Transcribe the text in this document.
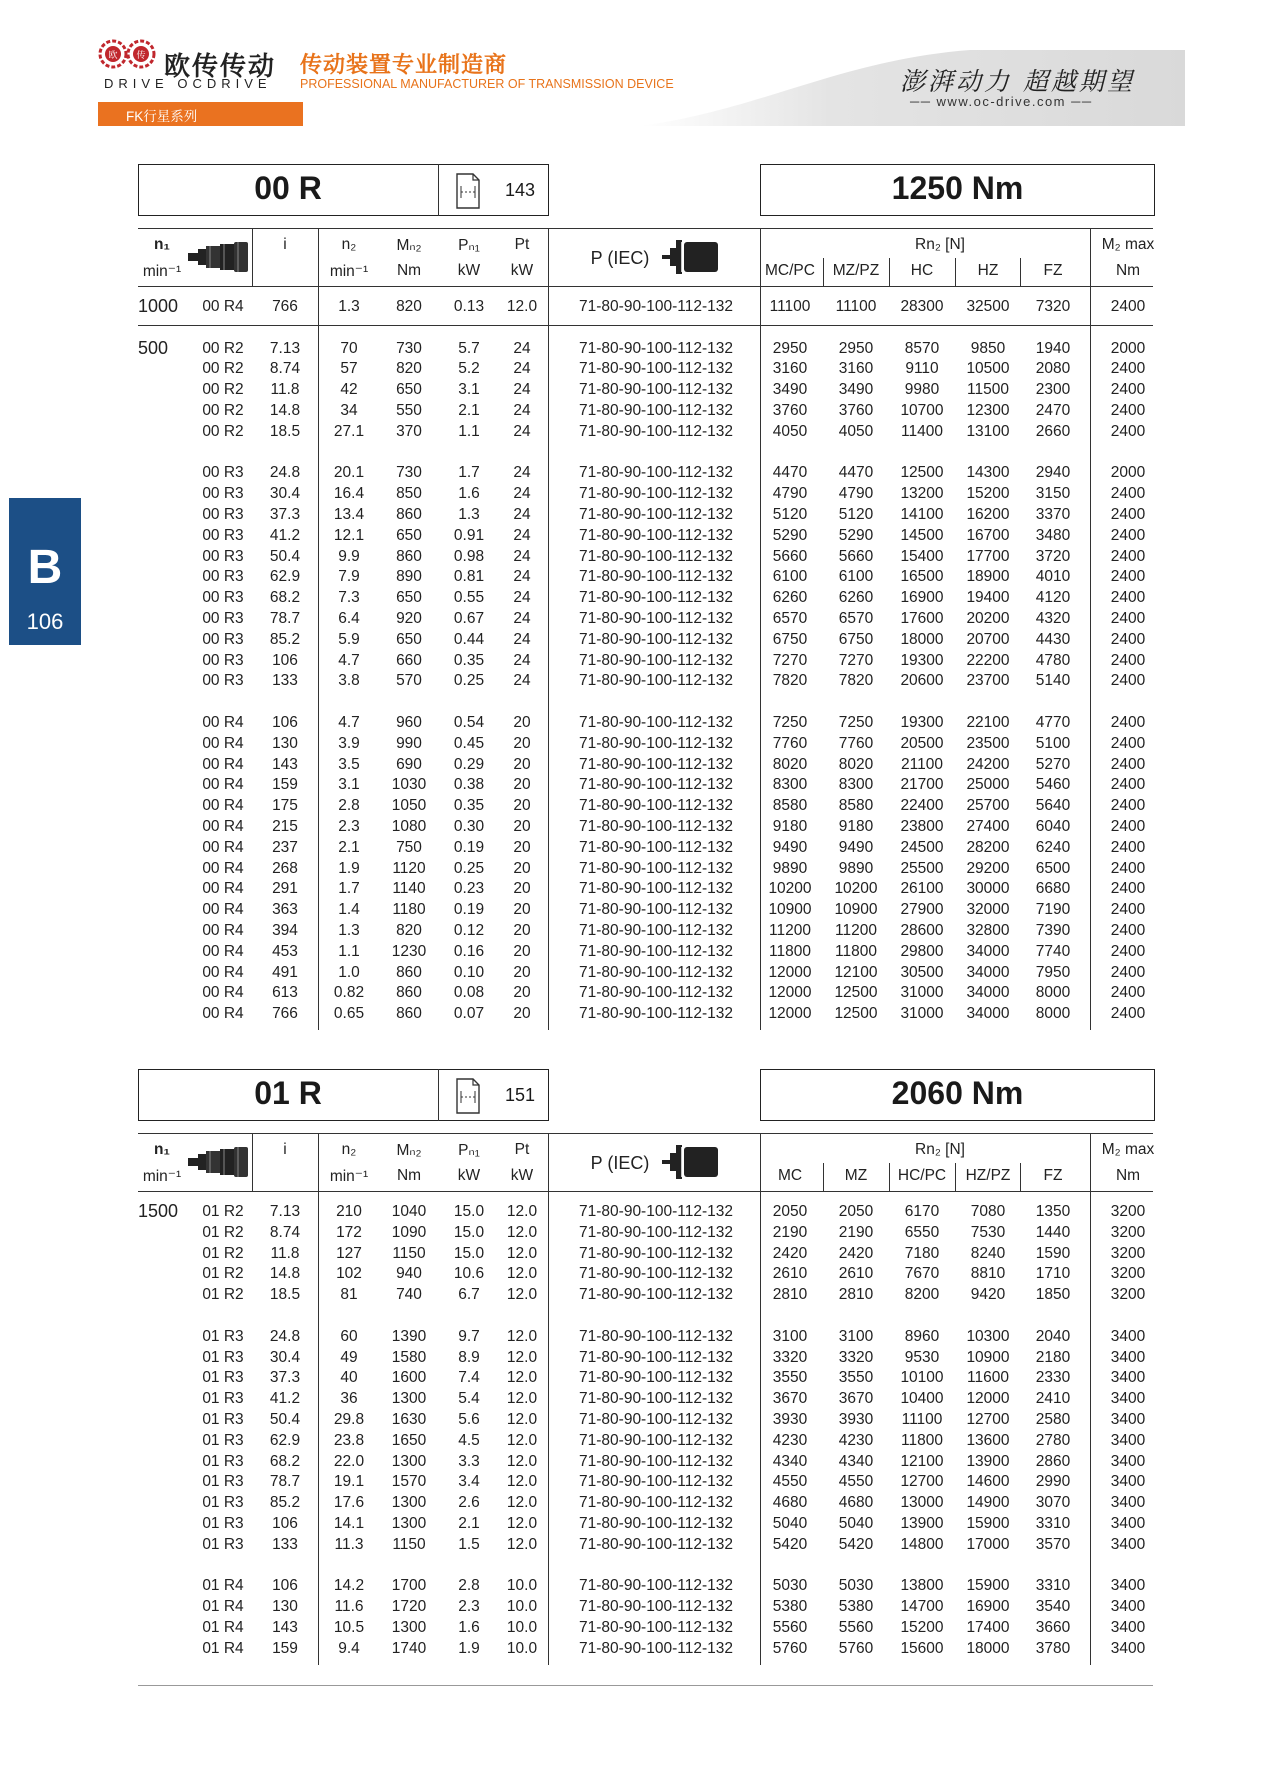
欧 传 欧传传动
DRIVE OCDRIVE
传动装置专业制造商
PROFESSIONAL MANUFACTURER OF TRANSMISSION DEVICE	澎湃动力 超越期望
── www.oc-drive.com ──
FK行星系列
B
106
00 R	143	1250 Nm
n₁
min⁻¹
i	n₂
min⁻¹
Mₙ₂
Nm
Pₙ₁
kW
Pt
kW
P (IEC)
Rn₂ [N]
MC/PC	MZ/PZ	HC	HZ	FZ
M₂ max
Nm
1000	00 R4	766	1.3	820	0.13	12.0	71-80-90-100-112-132	11100	11100	28300	32500	7320	2400
500	00 R2	7.13	70	730	5.7	24	71-80-90-100-112-132	2950	2950	8570	9850	1940	2000
00 R2	8.74	57	820	5.2	24	71-80-90-100-112-132	3160	3160	9110	10500	2080	2400
00 R2	11.8	42	650	3.1	24	71-80-90-100-112-132	3490	3490	9980	11500	2300	2400
00 R2	14.8	34	550	2.1	24	71-80-90-100-112-132	3760	3760	10700	12300	2470	2400
00 R2	18.5	27.1	370	1.1	24	71-80-90-100-112-132	4050	4050	11400	13100	2660	2400
00 R3	24.8	20.1	730	1.7	24	71-80-90-100-112-132	4470	4470	12500	14300	2940	2000
00 R3	30.4	16.4	850	1.6	24	71-80-90-100-112-132	4790	4790	13200	15200	3150	2400
00 R3	37.3	13.4	860	1.3	24	71-80-90-100-112-132	5120	5120	14100	16200	3370	2400
00 R3	41.2	12.1	650	0.91	24	71-80-90-100-112-132	5290	5290	14500	16700	3480	2400
00 R3	50.4	9.9	860	0.98	24	71-80-90-100-112-132	5660	5660	15400	17700	3720	2400
00 R3	62.9	7.9	890	0.81	24	71-80-90-100-112-132	6100	6100	16500	18900	4010	2400
00 R3	68.2	7.3	650	0.55	24	71-80-90-100-112-132	6260	6260	16900	19400	4120	2400
00 R3	78.7	6.4	920	0.67	24	71-80-90-100-112-132	6570	6570	17600	20200	4320	2400
00 R3	85.2	5.9	650	0.44	24	71-80-90-100-112-132	6750	6750	18000	20700	4430	2400
00 R3	106	4.7	660	0.35	24	71-80-90-100-112-132	7270	7270	19300	22200	4780	2400
00 R3	133	3.8	570	0.25	24	71-80-90-100-112-132	7820	7820	20600	23700	5140	2400
00 R4	106	4.7	960	0.54	20	71-80-90-100-112-132	7250	7250	19300	22100	4770	2400
00 R4	130	3.9	990	0.45	20	71-80-90-100-112-132	7760	7760	20500	23500	5100	2400
00 R4	143	3.5	690	0.29	20	71-80-90-100-112-132	8020	8020	21100	24200	5270	2400
00 R4	159	3.1	1030	0.38	20	71-80-90-100-112-132	8300	8300	21700	25000	5460	2400
00 R4	175	2.8	1050	0.35	20	71-80-90-100-112-132	8580	8580	22400	25700	5640	2400
00 R4	215	2.3	1080	0.30	20	71-80-90-100-112-132	9180	9180	23800	27400	6040	2400
00 R4	237	2.1	750	0.19	20	71-80-90-100-112-132	9490	9490	24500	28200	6240	2400
00 R4	268	1.9	1120	0.25	20	71-80-90-100-112-132	9890	9890	25500	29200	6500	2400
00 R4	291	1.7	1140	0.23	20	71-80-90-100-112-132	10200	10200	26100	30000	6680	2400
00 R4	363	1.4	1180	0.19	20	71-80-90-100-112-132	10900	10900	27900	32000	7190	2400
00 R4	394	1.3	820	0.12	20	71-80-90-100-112-132	11200	11200	28600	32800	7390	2400
00 R4	453	1.1	1230	0.16	20	71-80-90-100-112-132	11800	11800	29800	34000	7740	2400
00 R4	491	1.0	860	0.10	20	71-80-90-100-112-132	12000	12100	30500	34000	7950	2400
00 R4	613	0.82	860	0.08	20	71-80-90-100-112-132	12000	12500	31000	34000	8000	2400
00 R4	766	0.65	860	0.07	20	71-80-90-100-112-132	12000	12500	31000	34000	8000	2400
01 R	151	2060 Nm
n₁
min⁻¹
i	n₂
min⁻¹
Mₙ₂
Nm
Pₙ₁
kW
Pt
kW
P (IEC)
Rn₂ [N]
MC	MZ	HC/PC	HZ/PZ	FZ
M₂ max
Nm
1500	01 R2	7.13	210	1040	15.0	12.0	71-80-90-100-112-132	2050	2050	6170	7080	1350	3200
01 R2	8.74	172	1090	15.0	12.0	71-80-90-100-112-132	2190	2190	6550	7530	1440	3200
01 R2	11.8	127	1150	15.0	12.0	71-80-90-100-112-132	2420	2420	7180	8240	1590	3200
01 R2	14.8	102	940	10.6	12.0	71-80-90-100-112-132	2610	2610	7670	8810	1710	3200
01 R2	18.5	81	740	6.7	12.0	71-80-90-100-112-132	2810	2810	8200	9420	1850	3200
01 R3	24.8	60	1390	9.7	12.0	71-80-90-100-112-132	3100	3100	8960	10300	2040	3400
01 R3	30.4	49	1580	8.9	12.0	71-80-90-100-112-132	3320	3320	9530	10900	2180	3400
01 R3	37.3	40	1600	7.4	12.0	71-80-90-100-112-132	3550	3550	10100	11600	2330	3400
01 R3	41.2	36	1300	5.4	12.0	71-80-90-100-112-132	3670	3670	10400	12000	2410	3400
01 R3	50.4	29.8	1630	5.6	12.0	71-80-90-100-112-132	3930	3930	11100	12700	2580	3400
01 R3	62.9	23.8	1650	4.5	12.0	71-80-90-100-112-132	4230	4230	11800	13600	2780	3400
01 R3	68.2	22.0	1300	3.3	12.0	71-80-90-100-112-132	4340	4340	12100	13900	2860	3400
01 R3	78.7	19.1	1570	3.4	12.0	71-80-90-100-112-132	4550	4550	12700	14600	2990	3400
01 R3	85.2	17.6	1300	2.6	12.0	71-80-90-100-112-132	4680	4680	13000	14900	3070	3400
01 R3	106	14.1	1300	2.1	12.0	71-80-90-100-112-132	5040	5040	13900	15900	3310	3400
01 R3	133	11.3	1150	1.5	12.0	71-80-90-100-112-132	5420	5420	14800	17000	3570	3400
01 R4	106	14.2	1700	2.8	10.0	71-80-90-100-112-132	5030	5030	13800	15900	3310	3400
01 R4	130	11.6	1720	2.3	10.0	71-80-90-100-112-132	5380	5380	14700	16900	3540	3400
01 R4	143	10.5	1300	1.6	10.0	71-80-90-100-112-132	5560	5560	15200	17400	3660	3400
01 R4	159	9.4	1740	1.9	10.0	71-80-90-100-112-132	5760	5760	15600	18000	3780	3400
